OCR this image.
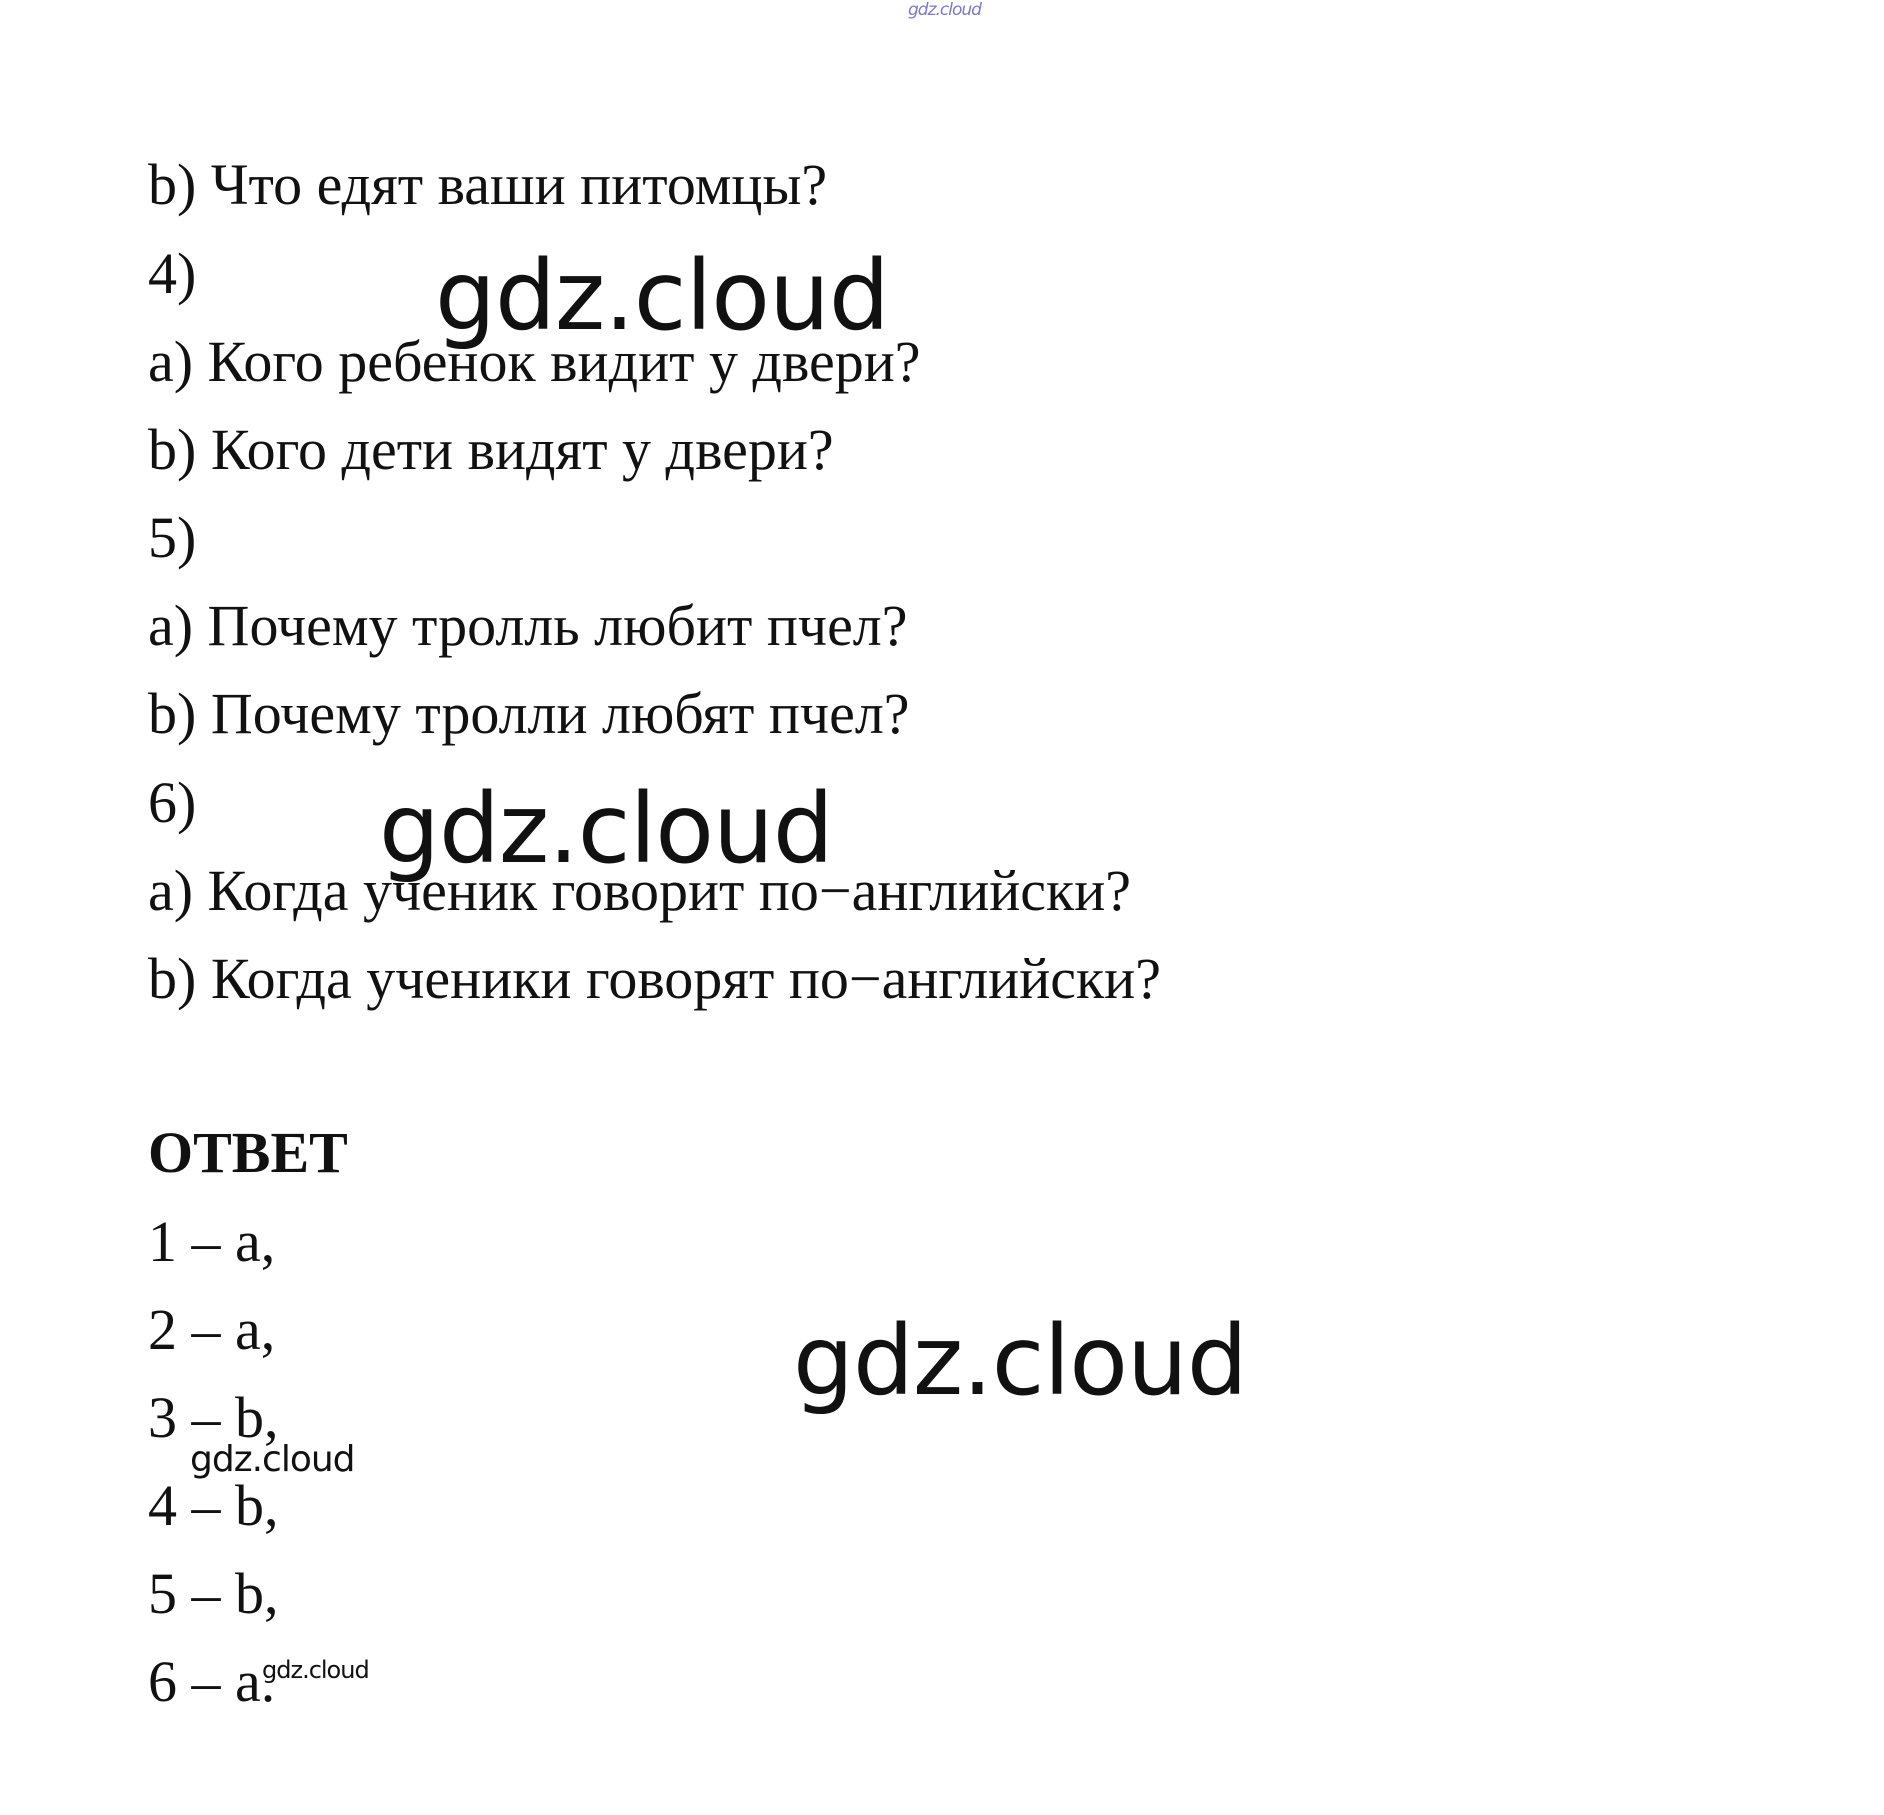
gdz.cloud
b) Что едят ваши питомцы?
4)
a) Кого ребенок видит у двери?
b) Кого дети видят у двери?
5)
a) Почему тролль любит пчел?
b) Почему тролли любят пчел?
6)
a) Когда ученик говорит по−английски?
b) Когда ученики говорят по−английски?
ОТВЕТ
1 – a,
2 – a,
3 – b,
4 – b,
5 – b,
6 – a.
gdz.cloud
gdz.cloud
gdz.cloud
gdz.cloud
gdz.cloud
